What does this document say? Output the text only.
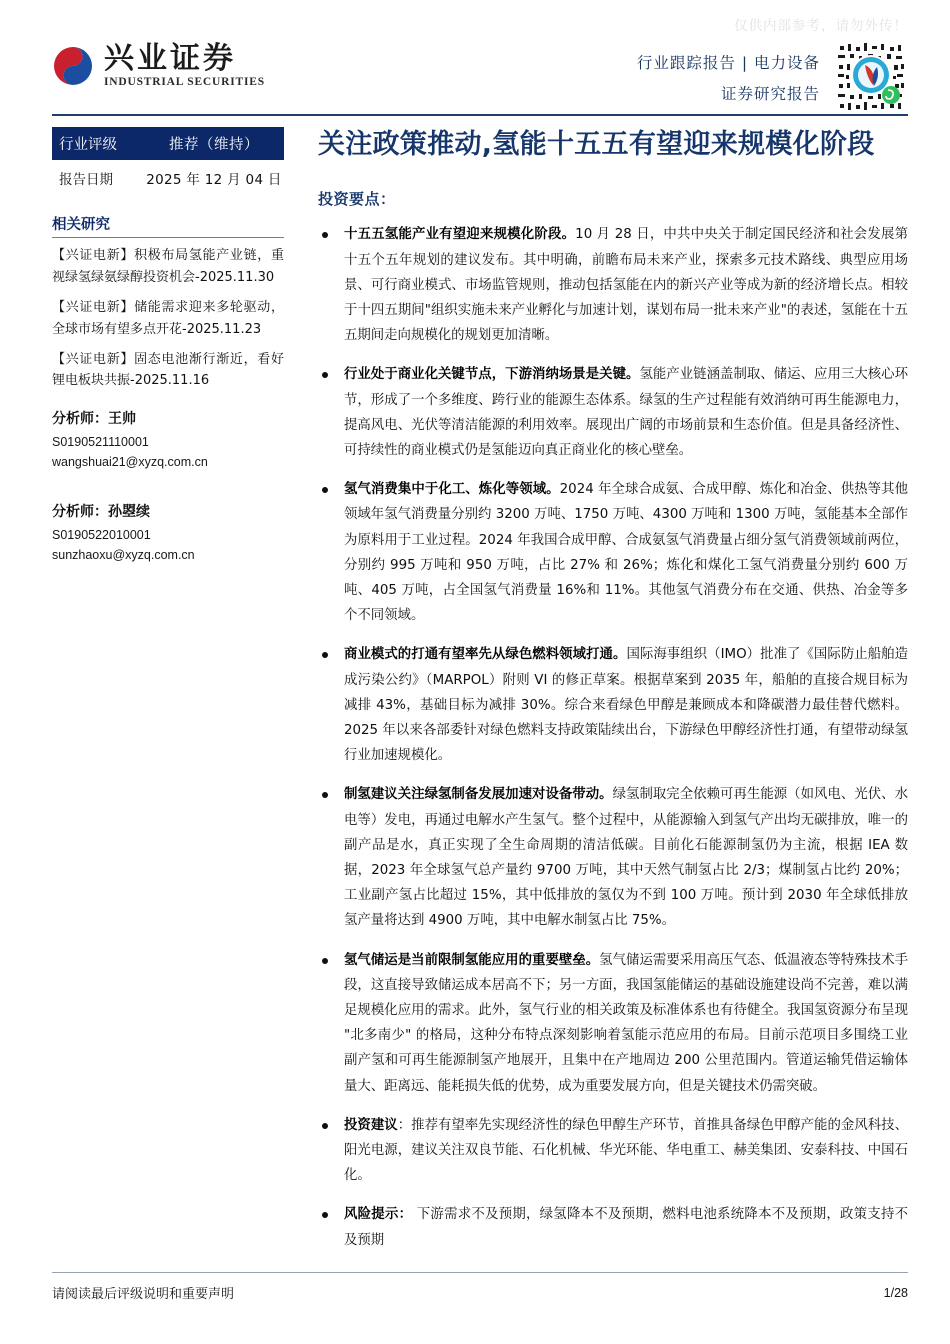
仅供内部参考，请勿外传！
兴业证券
INDUSTRIAL SECURITIES
行业跟踪报告 | 电力设备
证券研究报告
行业评级	推荐（维持）
报告日期	2025 年 12 月 04 日
相关研究
【兴证电新】积极布局氢能产业链，重视绿氢绿氨绿醇投资机会-2025.11.30
【兴证电新】储能需求迎来多轮驱动，全球市场有望多点开花-2025.11.23
【兴证电新】固态电池渐行渐近，看好锂电板块共振-2025.11.16
分析师：王帅
S0190521110001
wangshuai21@xyzq.com.cn
分析师：孙曌续
S0190522010001
sunzhaoxu@xyzq.com.cn
关注政策推动,氢能十五五有望迎来规模化阶段
投资要点：

十五五氢能产业有望迎来规模化阶段。10 月 28 日，中共中央关于制定国民经济和社会发展第十五个五年规划的建议发布。其中明确，前瞻布局未来产业，探索多元技术路线、典型应用场景、可行商业模式、市场监管规则，推动包括氢能在内的新兴产业等成为新的经济增长点。相较于十四五期间"组织实施未来产业孵化与加速计划，谋划布局一批未来产业"的表述，氢能在十五五期间走向规模化的规划更加清晰。

行业处于商业化关键节点，下游消纳场景是关键。氢能产业链涵盖制取、储运、应用三大核心环节，形成了一个多维度、跨行业的能源生态体系。绿氢的生产过程能有效消纳可再生能源电力，提高风电、光伏等清洁能源的利用效率。展现出广阔的市场前景和生态价值。但是具备经济性、可持续性的商业模式仍是氢能迈向真正商业化的核心壁垒。

氢气消费集中于化工、炼化等领域。2024 年全球合成氨、合成甲醇、炼化和冶金、供热等其他领域年氢气消费量分别约 3200 万吨、1750 万吨、4300 万吨和 1300 万吨，氢能基本全部作为原料用于工业过程。2024 年我国合成甲醇、合成氨氢气消费量占细分氢气消费领域前两位，分别约 995 万吨和 950 万吨，占比 27% 和 26%；炼化和煤化工氢气消费量分别约 600 万吨、405 万吨，占全国氢气消费量 16%和 11%。其他氢气消费分布在交通、供热、冶金等多个不同领域。

商业模式的打通有望率先从绿色燃料领域打通。国际海事组织（IMO）批准了《国际防止船舶造成污染公约》（MARPOL）附则 VI 的修正草案。根据草案到 2035 年，船舶的直接合规目标为减排 43%，基础目标为减排 30%。综合来看绿色甲醇是兼顾成本和降碳潜力最佳替代燃料。2025 年以来各部委针对绿色燃料支持政策陆续出台，下游绿色甲醇经济性打通，有望带动绿氢行业加速规模化。

制氢建议关注绿氢制备发展加速对设备带动。绿氢制取完全依赖可再生能源（如风电、光伏、水电等）发电，再通过电解水产生氢气。整个过程中，从能源输入到氢气产出均无碳排放，唯一的副产品是水，真正实现了全生命周期的清洁低碳。目前化石能源制氢仍为主流，根据 IEA 数据，2023 年全球氢气总产量约 9700 万吨，其中天然气制氢占比 2/3；煤制氢占比约 20%；工业副产氢占比超过 15%，其中低排放的氢仅为不到 100 万吨。预计到 2030 年全球低排放氢产量将达到 4900 万吨，其中电解水制氢占比 75%。

氢气储运是当前限制氢能应用的重要壁垒。氢气储运需要采用高压气态、低温液态等特殊技术手段，这直接导致储运成本居高不下；另一方面，我国氢能储运的基础设施建设尚不完善，难以满足规模化应用的需求。此外，氢气行业的相关政策及标准体系也有待健全。我国氢资源分布呈现 "北多南少" 的格局，这种分布特点深刻影响着氢能示范应用的布局。目前示范项目多围绕工业副产氢和可再生能源制氢产地展开，且集中在产地周边 200 公里范围内。管道运输凭借运输体量大、距离远、能耗损失低的优势，成为重要发展方向，但是关键技术仍需突破。

投资建议：推荐有望率先实现经济性的绿色甲醇生产环节，首推具备绿色甲醇产能的金风科技、阳光电源，建议关注双良节能、石化机械、华光环能、华电重工、赫美集团、安泰科技、中国石化。

风险提示： 下游需求不及预期，绿氢降本不及预期，燃料电池系统降本不及预期，政策支持不及预期

请阅读最后评级说明和重要声明	1/28
